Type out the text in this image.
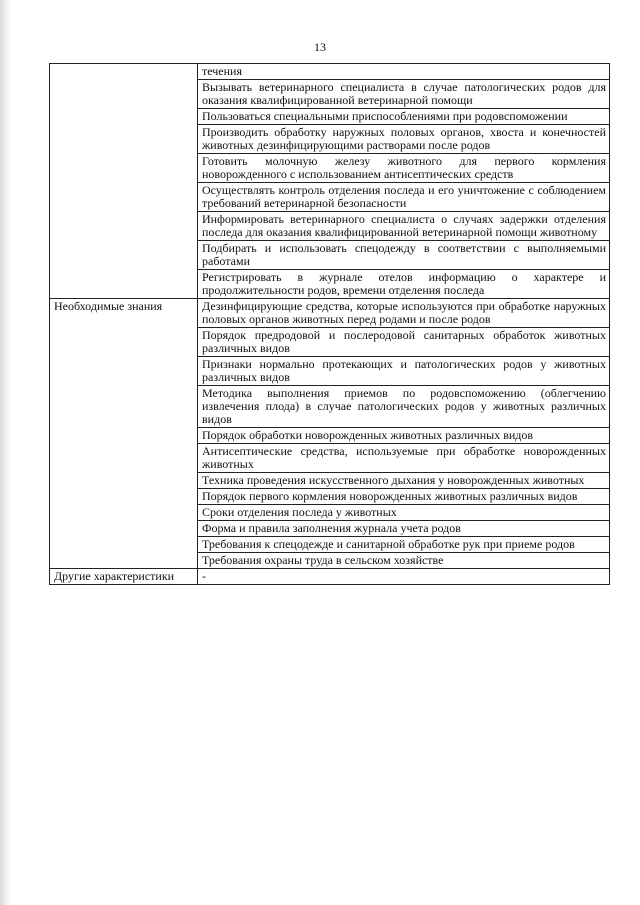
13
	течения
	Вызывать ветеринарного специалиста в случае патологических родов для оказания квалифицированной ветеринарной помощи
	Пользоваться специальными приспособлениями при родовспоможении
	Производить обработку наружных половых органов, хвоста и конечностей животных дезинфицирующими растворами после родов
	Готовить молочную железу животного для первого кормления новорожденного с использованием антисептических средств
	Осуществлять контроль отделения последа и его уничтожение с соблюдением требований ветеринарной безопасности
	Информировать ветеринарного специалиста о случаях задержки отделения последа для оказания квалифицированной ветеринарной помощи животному
	Подбирать и использовать спецодежду в соответствии с выполняемыми работами
	Регистрировать в журнале отелов информацию о характере и продолжительности родов, времени отделения последа
Необходимые знания	Дезинфицирующие средства, которые используются при обработке наружных половых органов животных перед родами и после родов
	Порядок предродовой и послеродовой санитарных обработок животных различных видов
	Признаки нормально протекающих и патологических родов у животных различных видов
	Методика выполнения приемов по родовспоможению (облегчению извлечения плода) в случае патологических родов у животных различных видов
	Порядок обработки новорожденных животных различных видов
	Антисептические средства, используемые при обработке новорожденных животных
	Техника проведения искусственного дыхания у новорожденных животных
	Порядок первого кормления новорожденных животных различных видов
	Сроки отделения последа у животных
	Форма и правила заполнения журнала учета родов
	Требования к спецодежде и санитарной обработке рук при приеме родов
	Требования охраны труда в сельском хозяйстве
Другие характеристики	-
